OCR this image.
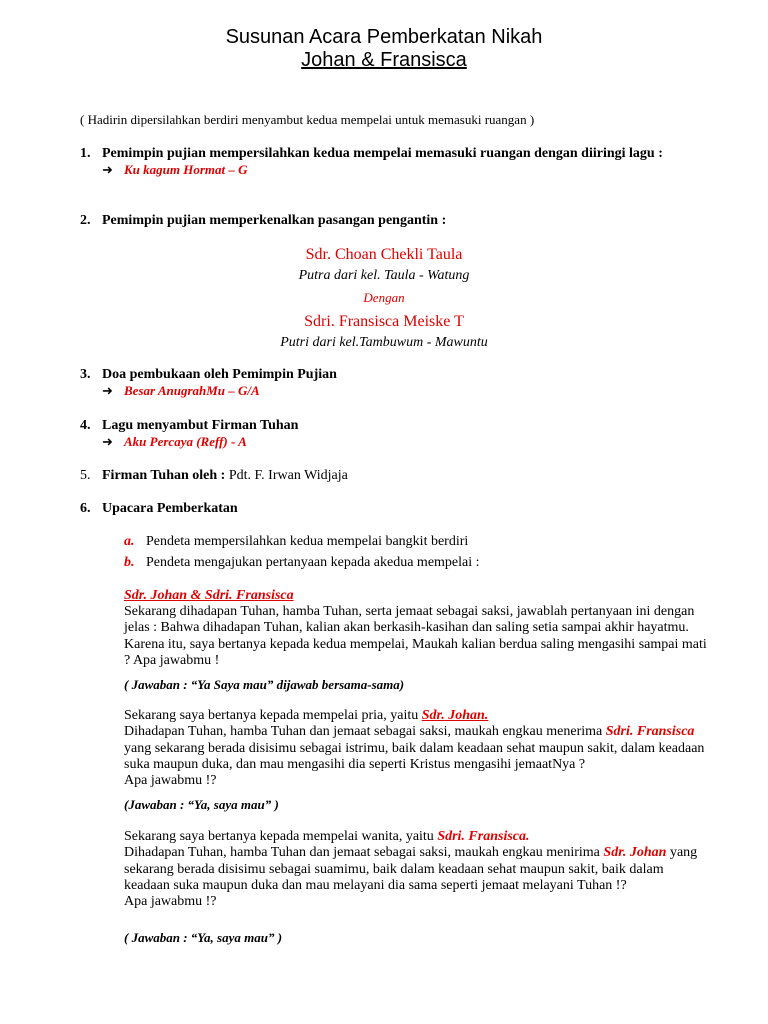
Susunan Acara Pemberkatan Nikah
Johan & Fransisca
( Hadirin dipersilahkan berdiri menyambut kedua mempelai untuk memasuki ruangan )
1. Pemimpin pujian mempersilahkan kedua mempelai memasuki ruangan dengan diiringi lagu :
➜ Ku kagum Hormat – G
2. Pemimpin pujian memperkenalkan pasangan pengantin :
Sdr. Choan Chekli Taula
Putra dari kel. Taula - Watung
Dengan
Sdri. Fransisca Meiske T
Putri dari kel.Tambuwum - Mawuntu
3. Doa pembukaan oleh Pemimpin Pujian
➜ Besar AnugrahMu – G/A
4. Lagu menyambut Firman Tuhan
➜ Aku Percaya (Reff) - A
5. Firman Tuhan oleh : Pdt. F. Irwan Widjaja
6. Upacara Pemberkatan
a. Pendeta mempersilahkan kedua mempelai bangkit berdiri
b. Pendeta mengajukan pertanyaan kepada akedua mempelai :
Sdr. Johan & Sdri. Fransisca
Sekarang dihadapan Tuhan, hamba Tuhan, serta jemaat sebagai saksi, jawablah pertanyaan ini dengan
jelas : Bahwa dihadapan Tuhan, kalian akan berkasih-kasihan dan saling setia sampai akhir hayatmu.
Karena itu, saya bertanya kepada kedua mempelai, Maukah kalian berdua saling mengasihi sampai mati
? Apa jawabmu !
( Jawaban : “Ya Saya mau” dijawab bersama-sama)
Sekarang saya bertanya kepada mempelai pria, yaitu Sdr. Johan.
Dihadapan Tuhan, hamba Tuhan dan jemaat sebagai saksi, maukah engkau menerima Sdri. Fransisca
yang sekarang berada disisimu sebagai istrimu, baik dalam keadaan sehat maupun sakit, dalam keadaan
suka maupun duka, dan mau mengasihi dia seperti Kristus mengasihi jemaatNya ?
Apa jawabmu !?
(Jawaban : “Ya, saya mau” )
Sekarang saya bertanya kepada mempelai wanita, yaitu Sdri. Fransisca.
Dihadapan Tuhan, hamba Tuhan dan jemaat sebagai saksi, maukah engkau menirima Sdr. Johan yang
sekarang berada disisimu sebagai suamimu, baik dalam keadaan sehat maupun sakit, baik dalam
keadaan suka maupun duka dan mau melayani dia sama seperti jemaat melayani Tuhan !?
Apa jawabmu !?
( Jawaban : “Ya, saya mau” )
